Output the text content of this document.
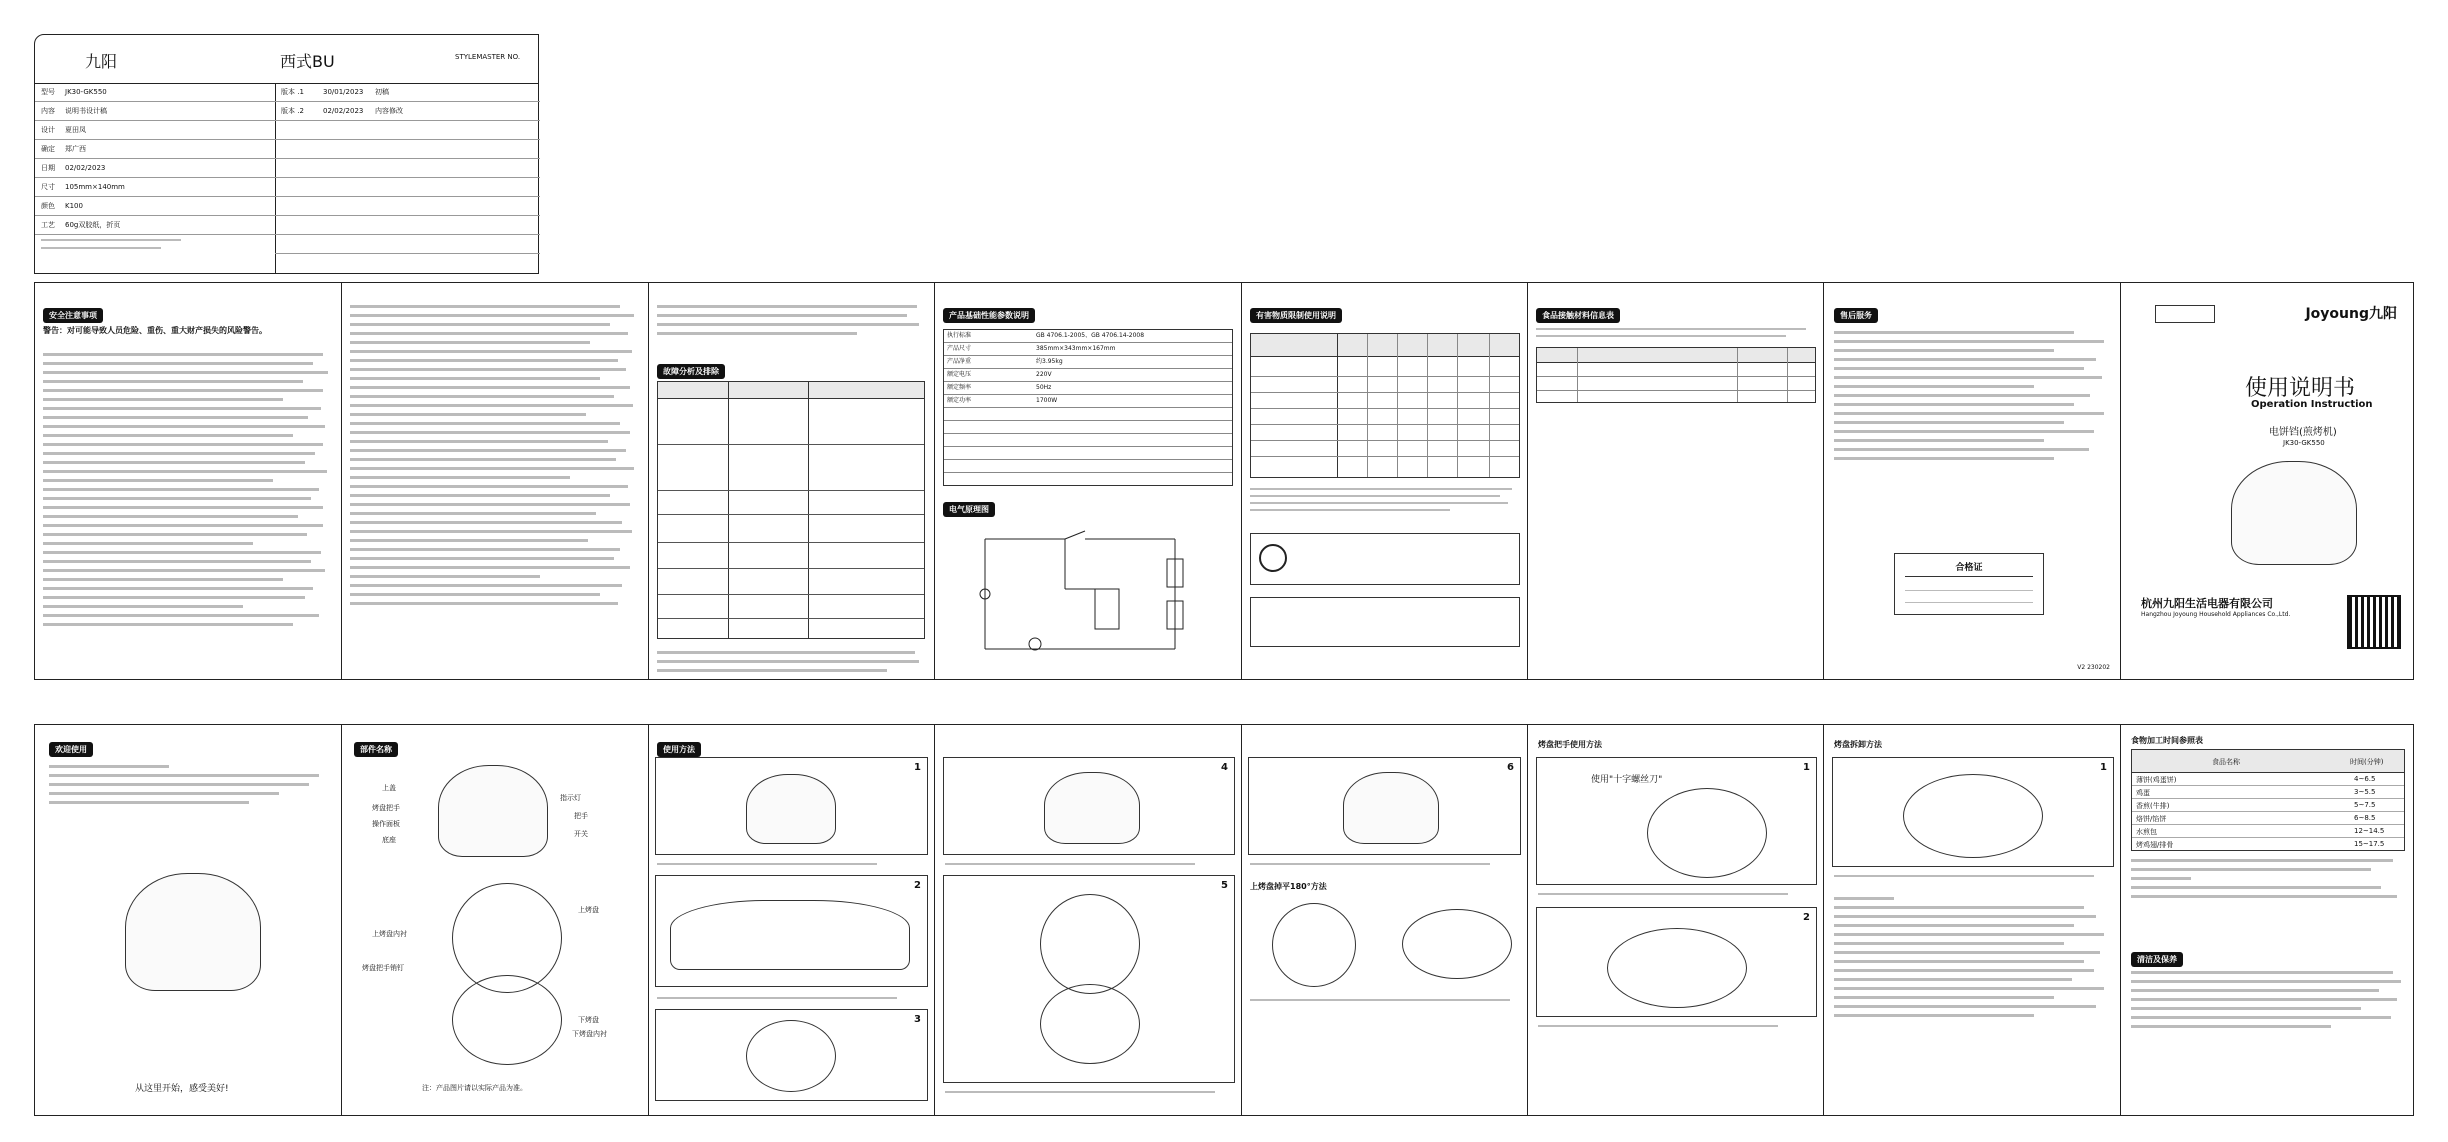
九阳	西式BU	STYLEMASTER NO.
型号 JK30-GK550
内容 说明书设计稿
设计 夏田凤
确定 郑广西
日期 02/02/2023
尺寸 105mm×140mm
颜色 K100
工艺 60g双胶纸，折页
版本 .1	30/01/2023 初稿
版本 .2	02/02/2023 内容修改
安全注意事项
警告：对可能导致人员危险、重伤、重大财产损失的风险警告。
故障分析及排除
产品基础性能参数说明
执行标准	GB 4706.1-2005、GB 4706.14-2008
产品尺寸	385mm×343mm×167mm
产品净重	约3.95kg
额定电压	220V
额定频率	50Hz
额定功率	1700W
电气原理图
有害物质限制使用说明	食品接触材料信息表	售后服务
合格证
V2 230202
Joyoung九阳
使用说明书
Operation Instruction
电饼铛(煎烤机)
JK30-GK550
杭州九阳生活电器有限公司
Hangzhou Joyoung Household Appliances Co.,Ltd.
欢迎使用
从这里开始，感受美好!
部件名称
上盖
烤盘把手
操作面板
底座
指示灯
把手
开关
上烤盘
下烤盘
上烤盘内衬
烤盘把手销钉
下烤盘内衬
注：产品图片请以实际产品为准。
使用方法
1
2
3
4
5
6
上烤盘掉平180°方法
烤盘把手使用方法
1
使用"十字螺丝刀"
2
烤盘拆卸方法
1
食物加工时间参照表
食品名称	时间(分钟)
薄饼(鸡蛋饼)	4~6.5
鸡蛋	3~5.5
香煎(牛排)	5~7.5
烙饼/馅饼	6~8.5
水煎包	12~14.5
烤鸡翅/排骨	15~17.5
清洁及保养
